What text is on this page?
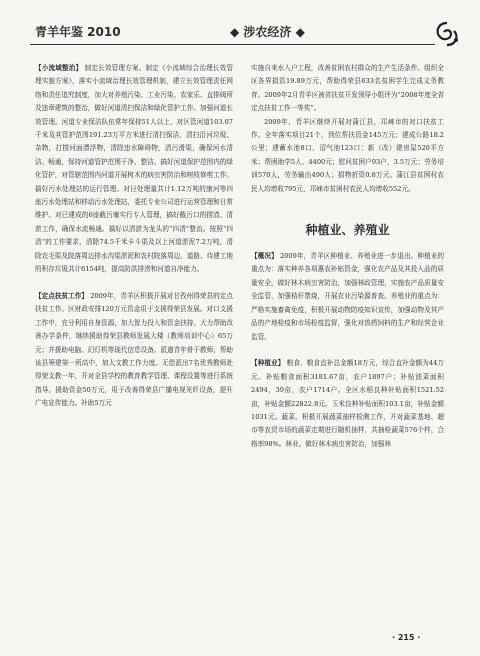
青羊年鉴 2010	◆ 涉农经济 ◆

【小流域整治】 制定长效管理方案。制定《小流域综合治理长效管理实施方案》，落实小流域治理长效管理机制，建立长效管理责任网络和责任追究制度，加大对养殖污染、工业污染、农家乐、直排阀所及违章建筑的整治，做好河道清扫保洁和绿化管护工作。加强河道长效管理。河道专业保洁队伍常年保持51人以上，对区管河道103.07千米及其管护范围191.23万平方米进行清扫保洁，清扫沿河垃圾、杂物，打捞河面漂浮物，清除违水障碍物，清污滑渠，确保河水清洁、畅通，保持河道管护范围干净、整洁。搞好河道保护范围内的绿化管护，对管辖范围内河道开展树木的病虫害防治和树枝修剪工作。搞好污水处理站的运行管理。对日处理量共计1.12万吨的康河等四座污水处理站和移动污水处理站，委托专业公司进行运营管理和日常维护。对已建成的6座截污堰实行专人管理，搞好截污口的捞渣、清淤工作，确保水流畅通。搞好以清淤为龙头的“四清”整治。按照“四清”的工作要求，清除74.5千米卡斗渠及以上河道淤泥7.2万吨，清除农毛渠及院落周边排水沟渠淤泥和农村院落周边、道路、待建工地的积存垃圾共计6154吨，提高防洪排涝和河道自净能力。

【定点扶贫工作】 2009年，青羊区积极开展对甘孜州得荣县的定点扶贫工作。区财政安排120万元资金用于支援得荣县发展。对口支援工作中，充分利用自身资源，加大智力投入和资金扶持。大力帮助改善办学条件，继续援助得荣县教师发展大楼（教师培训中心）65万元；并援助电脑、幻灯机等现代信息设备。派遣青年骨干教师，帮助该县筹建第一所高中，加大文教工作力度。无偿派出7名优秀教师赴得荣支教一年，开对全县学校的教育教学管理、课程设置等进行系统指导。援助资金50万元，用于改善得荣县广播电视光纤设备，提升广电宣传能力。补助5万元

实施自来水入户工程，改善贫困农村群众的生产生活条件。组织全区各界捐资19.89万元，帮助得荣县633名贫困学生完成义务教育。2009年2月青羊区被省扶贫开发领导小组评为“2008年度全省定点扶贫工作一等奖”。

2009年，青羊区继续开展对蒲江县、邛崃市的对口扶贫工作。全年落实项目21个，到位帮扶资金145万元；建成公路18.2公里；建蓄水池8口、沼气池123口；新（改）建房屋520平方米；帮困助学5人、4400元；慰问贫困户93户，3.5万元；劳务培训570人，劳务输出490人；捐物折资0.8万元。蒲江县贫困村农民人均增收795元，邛崃市贫困村农民人均增收552元。

种植业、养殖业

【概况】 2009年，青羊区种植业、养殖业进一步退出。种植业的重点为：落实种养各项惠农补贴资金，强化农产品及其投入品的质量安全，做好林木病虫害防治，加强林政管理，实施农产品质量安全监管，加强秸秆禁烧，开展农业污染源普查。养殖业的重点为：严格实施畜禽免疫，积极开展动物防疫知识宣传，加强动物及其产品的产地检疫和市场检疫监督，强化对兽药饲料的生产和经营企业监管。

【种植业】 粮食、粮食直补总金额18万元，综合直补金额为44万元。补贴粮食面积3181.67亩，农户1897户；补贴油菜面积2494，39亩，农户1714户。全区水稻良种补贴面积1521.52亩，补贴金额22822.8元。玉米良种补贴面积103.1亩，补贴金额1031元。蔬菜。积极开展蔬菜抽样检测工作，开对蔬菜基地、超市等农贸市场的蔬菜定期进行随机抽样，共抽检蔬菜576个样，合格率98%。林业。做好林木病虫害防治，加强林

· 215 ·
